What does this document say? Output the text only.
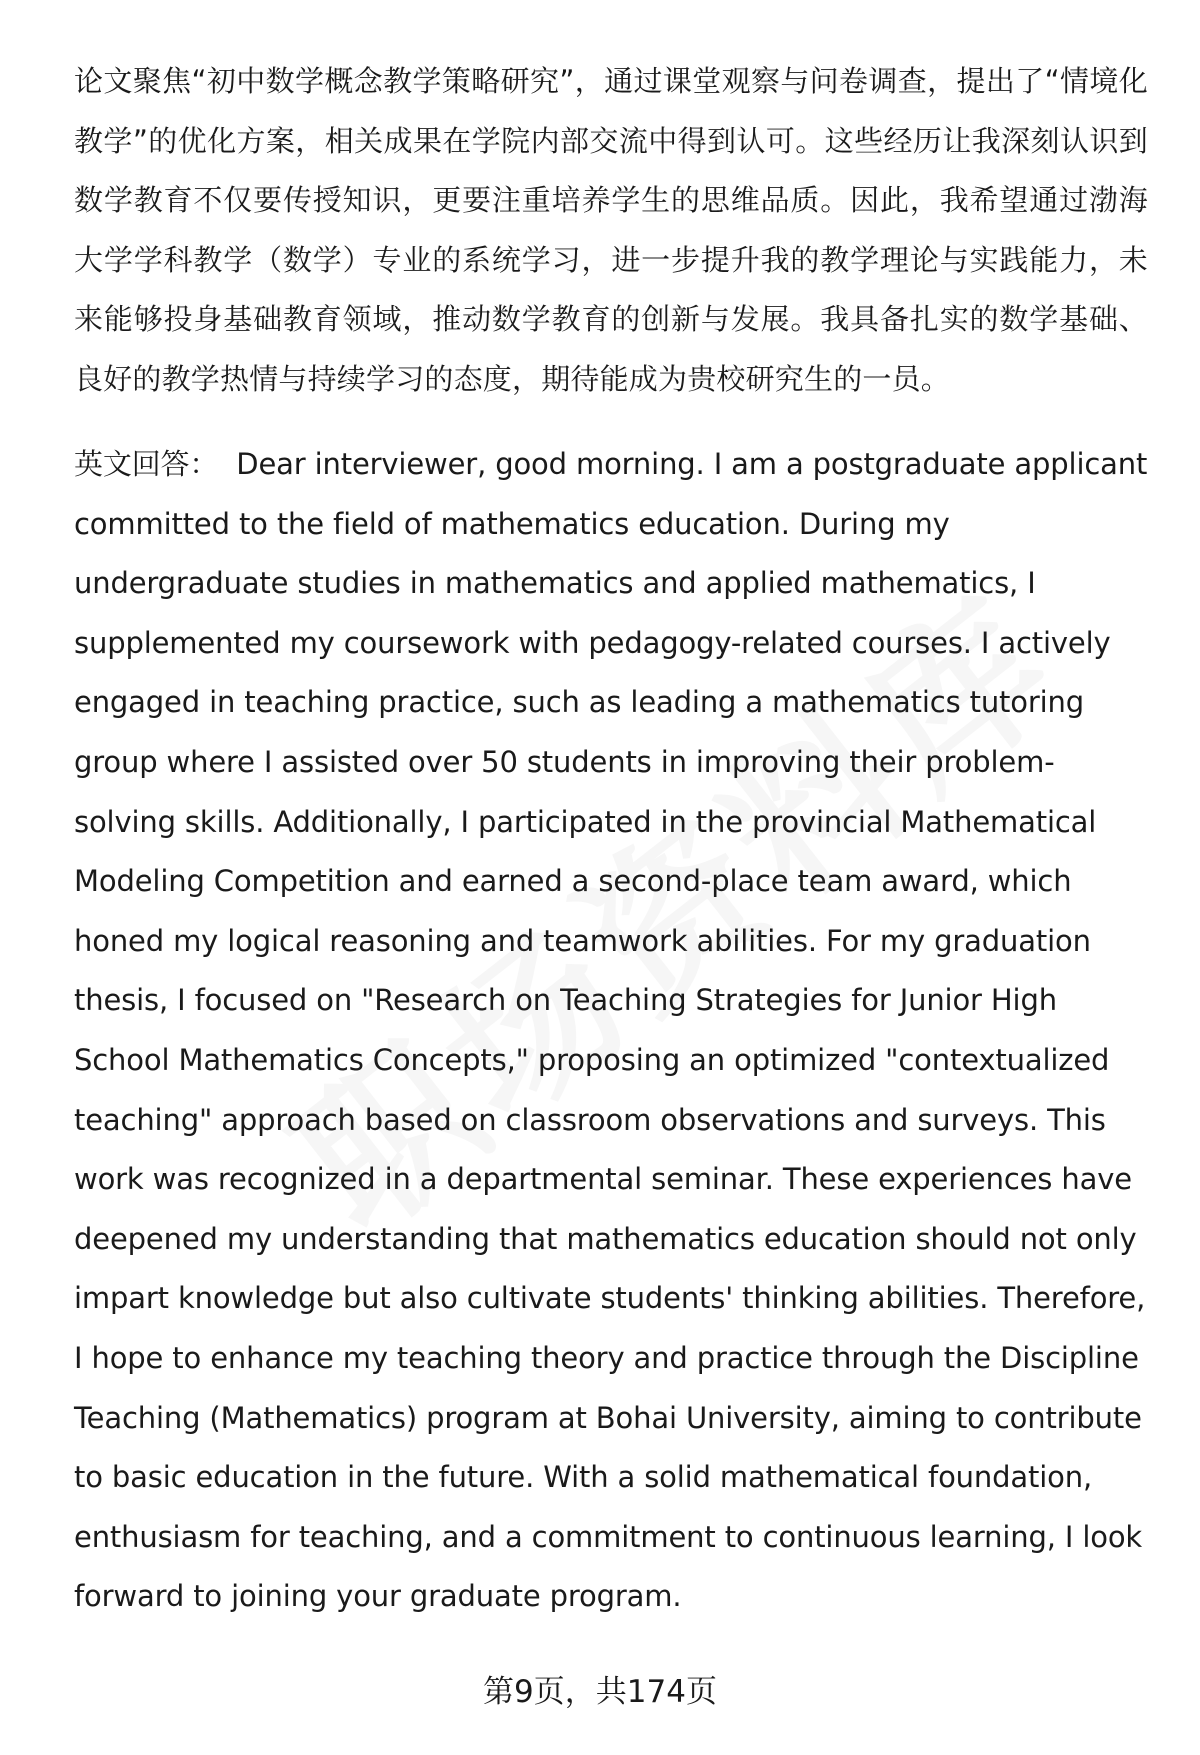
论文聚焦“初中数学概念教学策略研究”，通过课堂观察与问卷调查，提出了“情境化教学”的优化方案，相关成果在学院内部交流中得到认可。这些经历让我深刻认识到数学教育不仅要传授知识，更要注重培养学生的思维品质。因此，我希望通过渤海大学学科教学（数学）专业的系统学习，进一步提升我的教学理论与实践能力，未来能够投身基础教育领域，推动数学教育的创新与发展。我具备扎实的数学基础、良好的教学热情与持续学习的态度，期待能成为贵校研究生的一员。

英文回答： Dear interviewer, good morning. I am a postgraduate applicant committed to the field of mathematics education. During my undergraduate studies in mathematics and applied mathematics, I supplemented my coursework with pedagogy-related courses. I actively engaged in teaching practice, such as leading a mathematics tutoring group where I assisted over 50 students in improving their problem-solving skills. Additionally, I participated in the provincial Mathematical Modeling Competition and earned a second-place team award, which honed my logical reasoning and teamwork abilities. For my graduation thesis, I focused on "Research on Teaching Strategies for Junior High School Mathematics Concepts," proposing an optimized "contextualized teaching" approach based on classroom observations and surveys. This work was recognized in a departmental seminar. These experiences have deepened my understanding that mathematics education should not only impart knowledge but also cultivate students' thinking abilities. Therefore, I hope to enhance my teaching theory and practice through the Discipline Teaching (Mathematics) program at Bohai University, aiming to contribute to basic education in the future. With a solid mathematical foundation, enthusiasm for teaching, and a commitment to continuous learning, I look forward to joining your graduate program.

第9页，共174页
